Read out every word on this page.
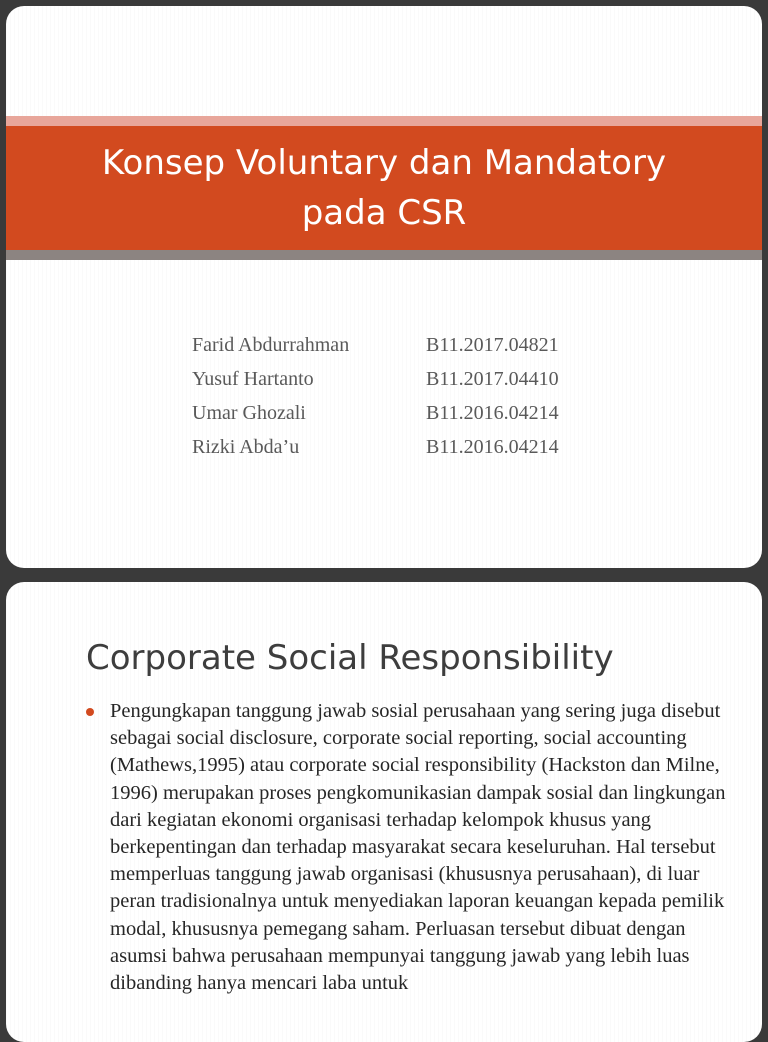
Konsep Voluntary dan Mandatory pada CSR
Farid Abdurrahman	B11.2017.04821
Yusuf Hartanto	B11.2017.04410
Umar Ghozali	B11.2016.04214
Rizki Abda’u	B11.2016.04214
Corporate Social Responsibility
Pengungkapan tanggung jawab sosial perusahaan yang sering juga disebut sebagai social disclosure, corporate social reporting, social accounting (Mathews,1995) atau corporate social responsibility (Hackston dan Milne, 1996) merupakan proses pengkomunikasian dampak sosial dan lingkungan dari kegiatan ekonomi organisasi terhadap kelompok khusus yang berkepentingan dan terhadap masyarakat secara keseluruhan. Hal tersebut memperluas tanggung jawab organisasi (khususnya perusahaan), di luar peran tradisionalnya untuk menyediakan laporan keuangan kepada pemilik modal, khususnya pemegang saham. Perluasan tersebut dibuat dengan asumsi bahwa perusahaan mempunyai tanggung jawab yang lebih luas dibanding hanya mencari laba untuk
